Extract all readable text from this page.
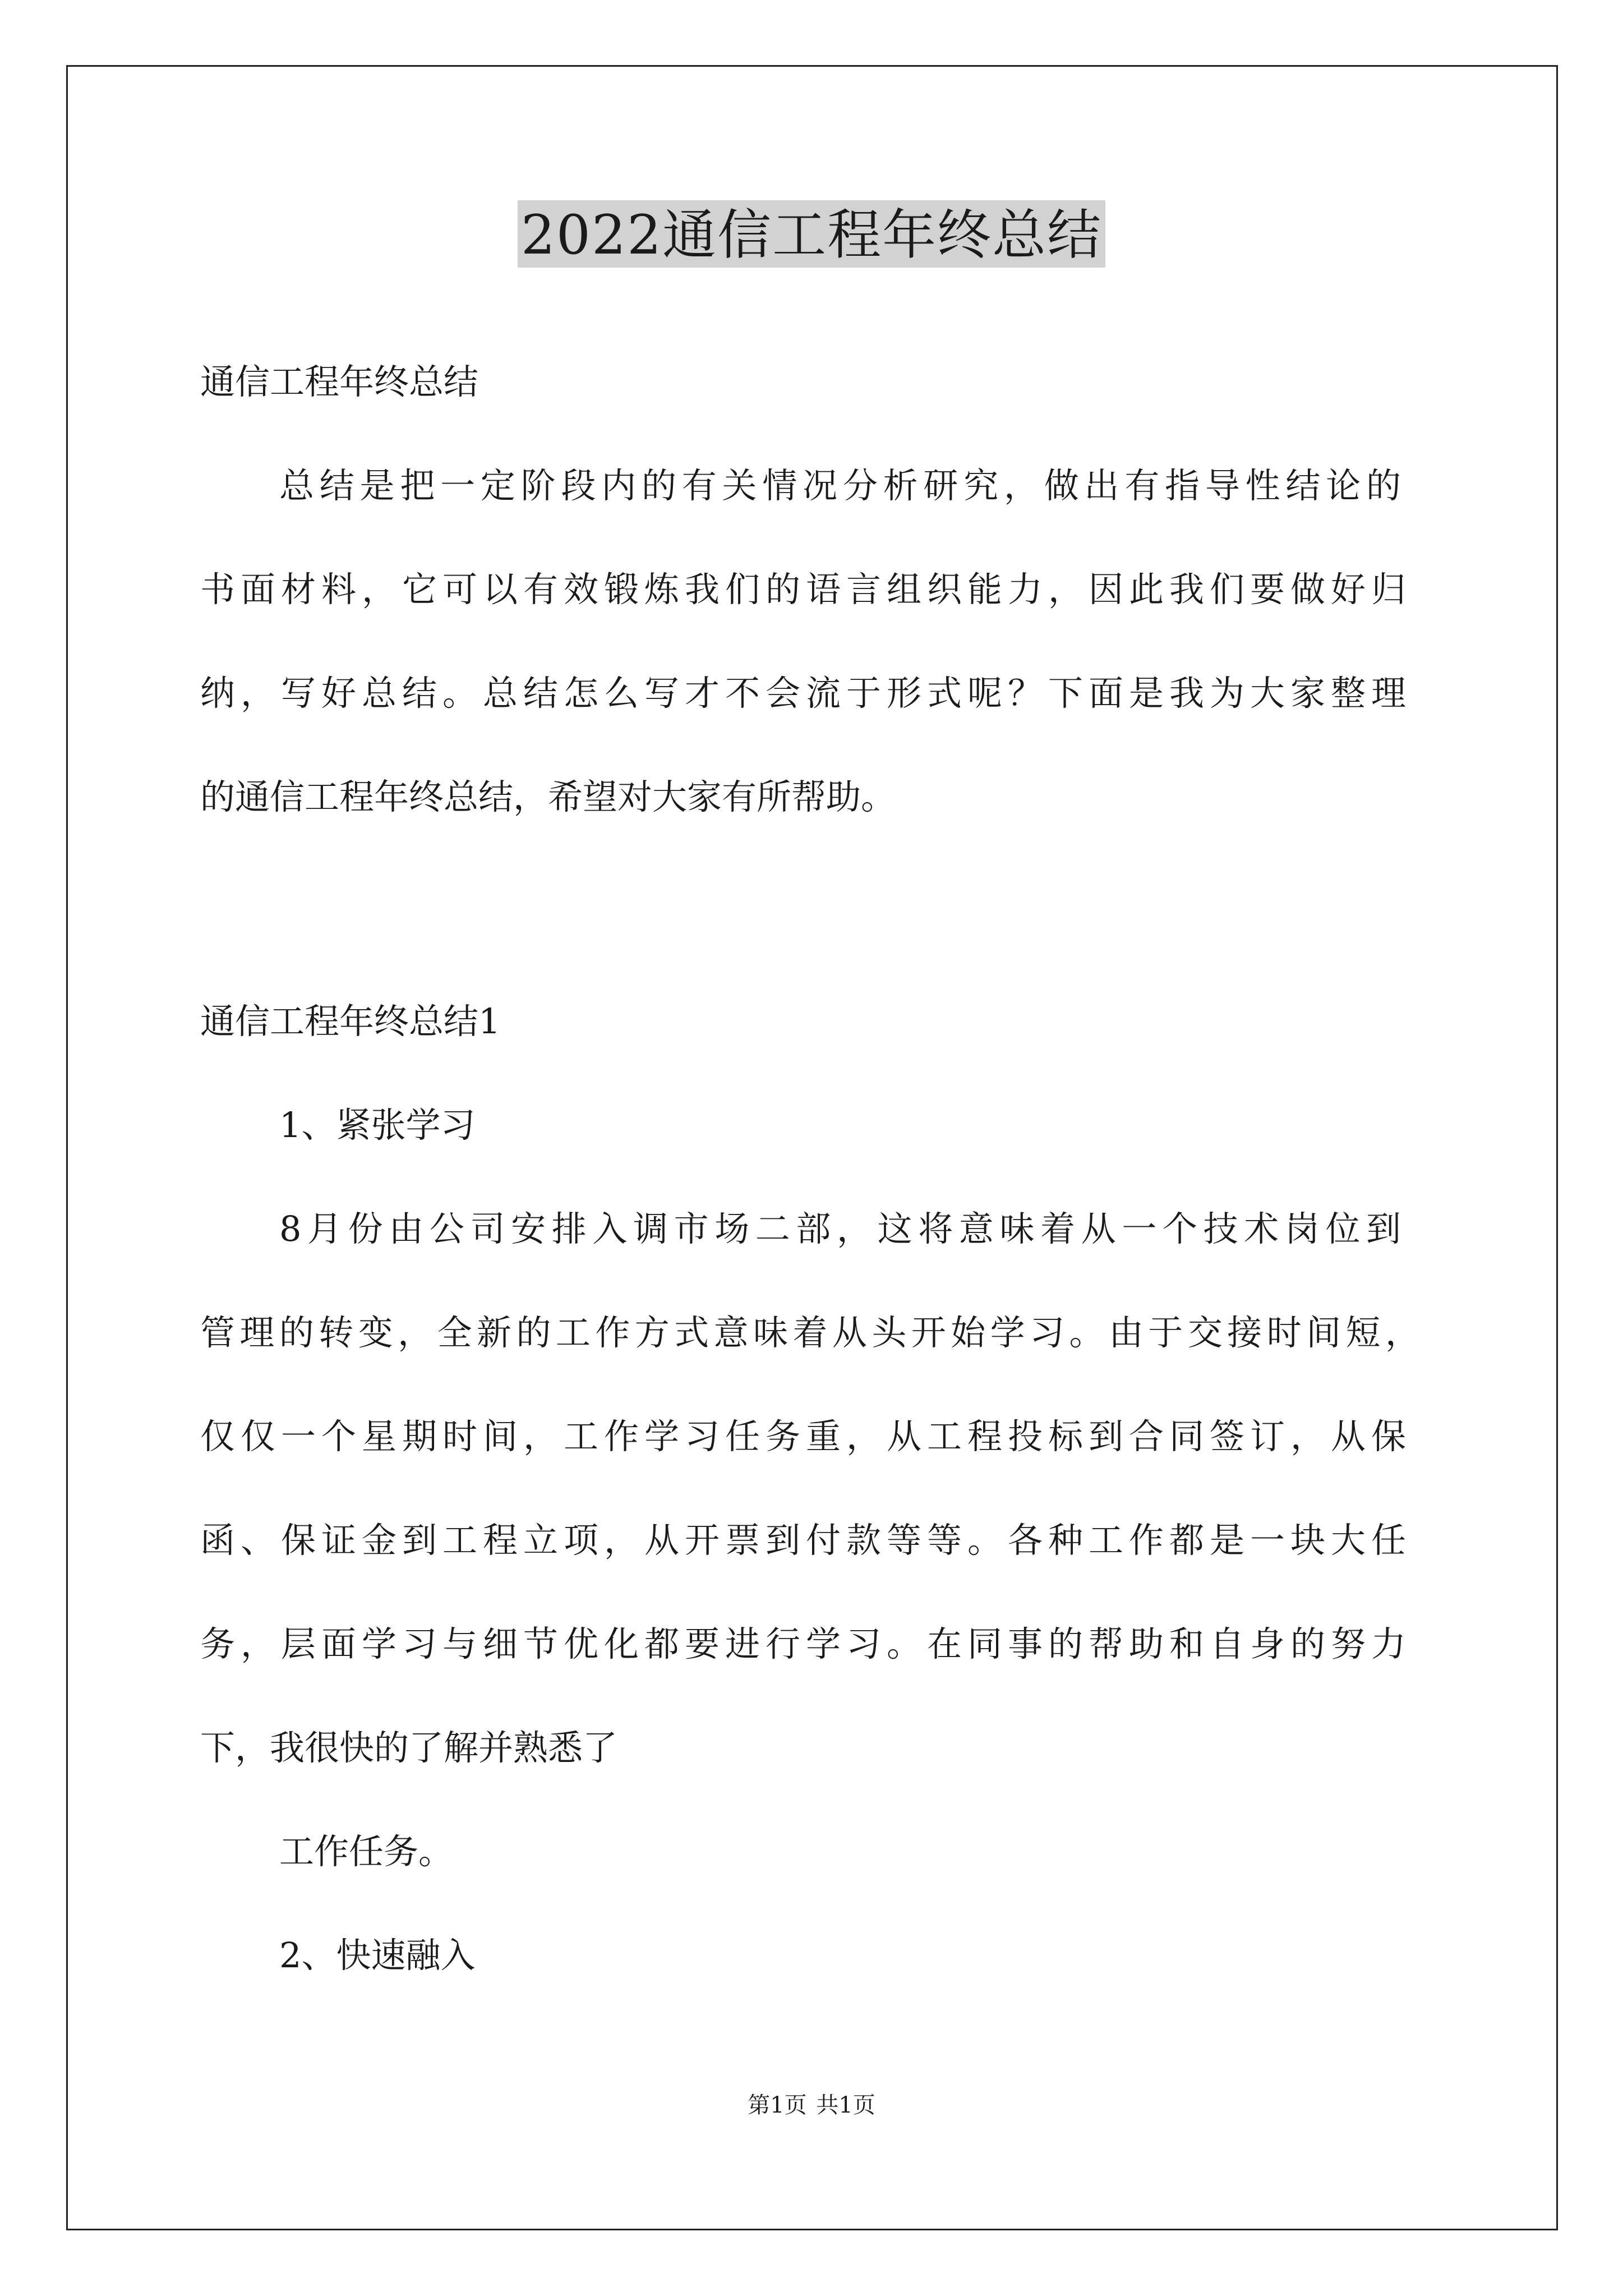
2022通信工程年终总结
通信工程年终总结
总结是把一定阶段内的有关情况分析研究，做出有指导性结论的
书面材料，它可以有效锻炼我们的语言组织能力，因此我们要做好归
纳，写好总结。总结怎么写才不会流于形式呢？下面是我为大家整理
的通信工程年终总结，希望对大家有所帮助。
通信工程年终总结1
1、紧张学习
8月份由公司安排入调市场二部，这将意味着从一个技术岗位到
管理的转变，全新的工作方式意味着从头开始学习。由于交接时间短，
仅仅一个星期时间，工作学习任务重，从工程投标到合同签订，从保
函、保证金到工程立项，从开票到付款等等。各种工作都是一块大任
务，层面学习与细节优化都要进行学习。在同事的帮助和自身的努力
下，我很快的了解并熟悉了
工作任务。
2、快速融入
第1页 共1页
